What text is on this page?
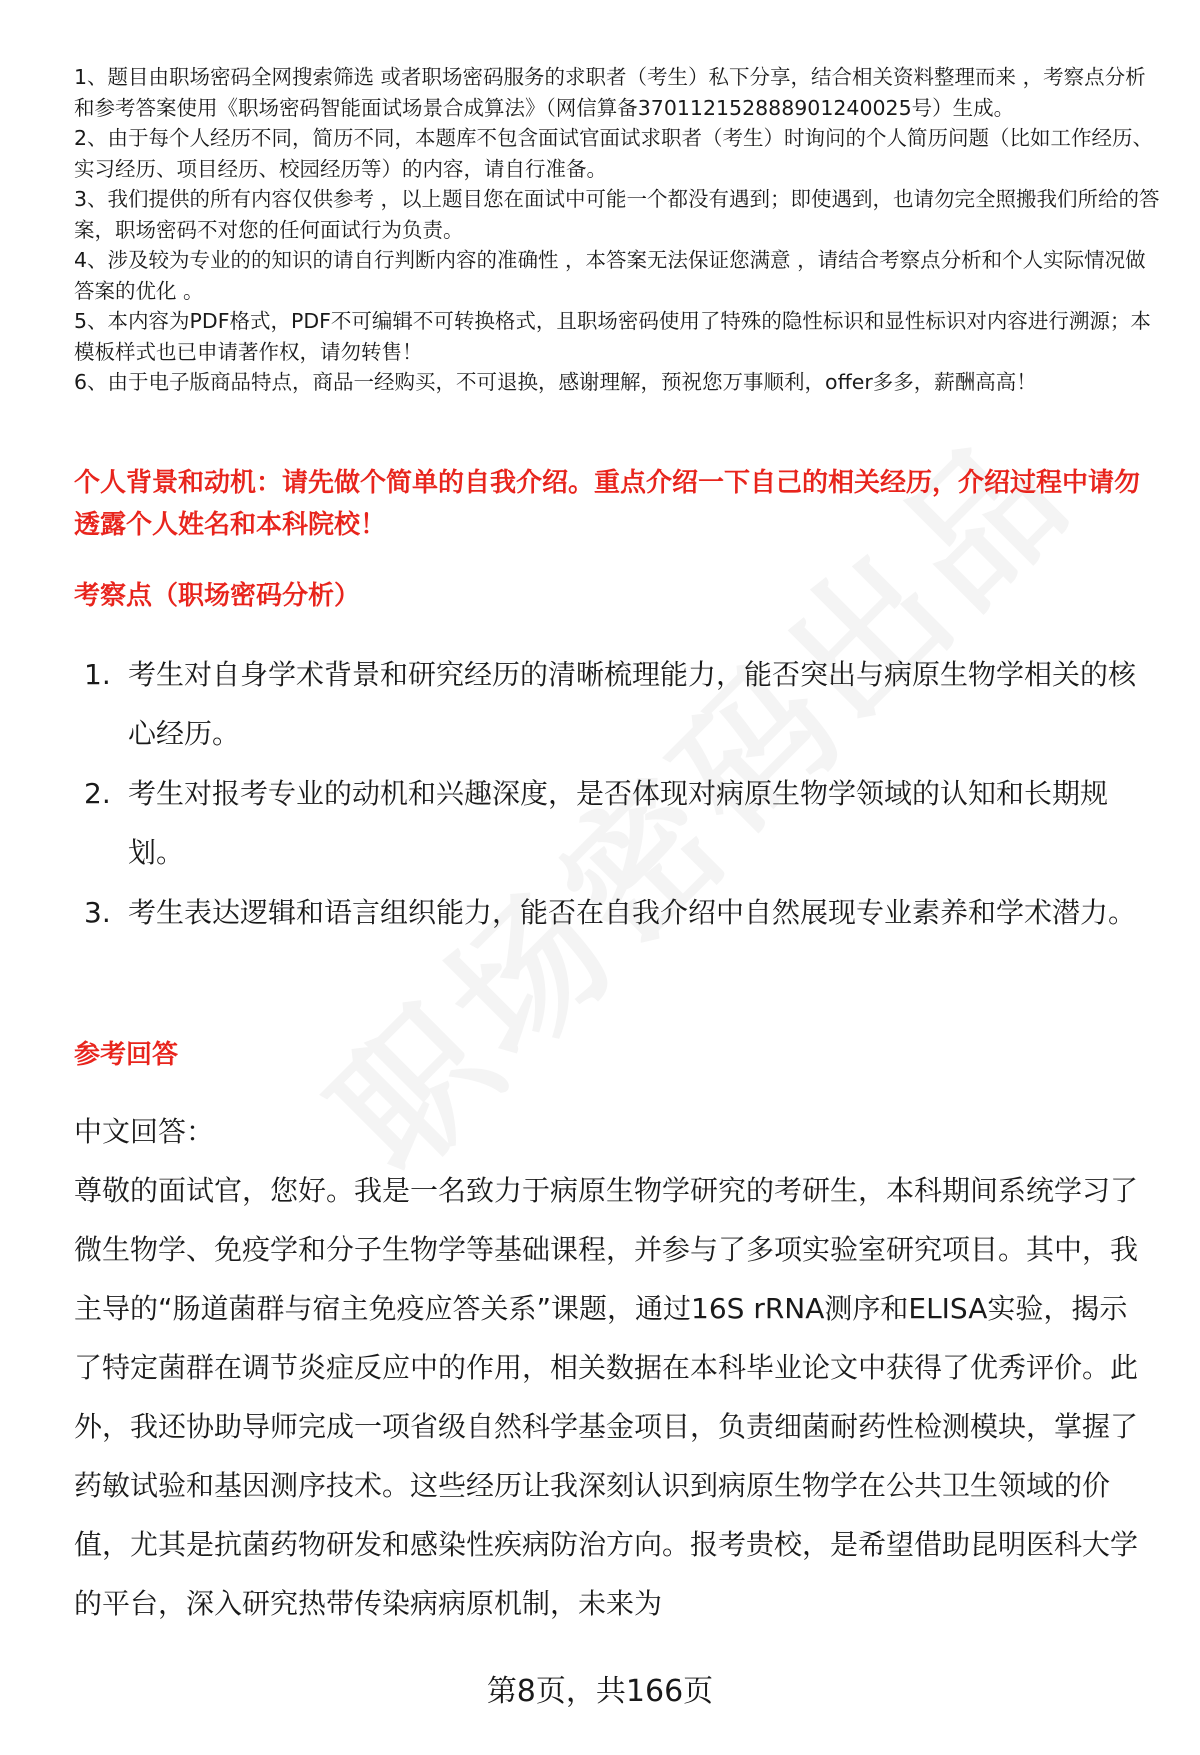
1、题目由职场密码全网搜索筛选 或者职场密码服务的求职者（考生）私下分享，结合相关资料整理而来 ，考察点分析和参考答案使用《职场密码智能面试场景合成算法》（网信算备370112152888901240025号）生成。

2、由于每个人经历不同，简历不同，本题库不包含面试官面试求职者（考生）时询问的个人简历问题（比如工作经历、实习经历、项目经历、校园经历等）的内容，请自行准备。

3、我们提供的所有内容仅供参考 ，以上题目您在面试中可能一个都没有遇到；即使遇到，也请勿完全照搬我们所给的答案，职场密码不对您的任何面试行为负责。

4、涉及较为专业的的知识的请自行判断内容的准确性 ，本答案无法保证您满意 ，请结合考察点分析和个人实际情况做答案的优化 。

5、本内容为PDF格式，PDF不可编辑不可转换格式，且职场密码使用了特殊的隐性标识和显性标识对内容进行溯源；本模板样式也已申请著作权，请勿转售！

6、由于电子版商品特点，商品一经购买，不可退换，感谢理解，预祝您万事顺利，offer多多，薪酬高高！

个人背景和动机：请先做个简单的自我介绍。重点介绍一下自己的相关经历，介绍过程中请勿透露个人姓名和本科院校！

考察点（职场密码分析）

1. 考生对自身学术背景和研究经历的清晰梳理能力，能否突出与病原生物学相关的核心经历。
2. 考生对报考专业的动机和兴趣深度，是否体现对病原生物学领域的认知和长期规划。
3. 考生表达逻辑和语言组织能力，能否在自我介绍中自然展现专业素养和学术潜力。

参考回答

中文回答：

尊敬的面试官，您好。我是一名致力于病原生物学研究的考研生，本科期间系统学习了微生物学、免疫学和分子生物学等基础课程，并参与了多项实验室研究项目。其中，我主导的“肠道菌群与宿主免疫应答关系”课题，通过16S rRNA测序和ELISA实验，揭示了特定菌群在调节炎症反应中的作用，相关数据在本科毕业论文中获得了优秀评价。此外，我还协助导师完成一项省级自然科学基金项目，负责细菌耐药性检测模块，掌握了药敏试验和基因测序技术。这些经历让我深刻认识到病原生物学在公共卫生领域的价值，尤其是抗菌药物研发和感染性疾病防治方向。报考贵校，是希望借助昆明医科大学的平台，深入研究热带传染病病原机制，未来为

第8页，共166页
